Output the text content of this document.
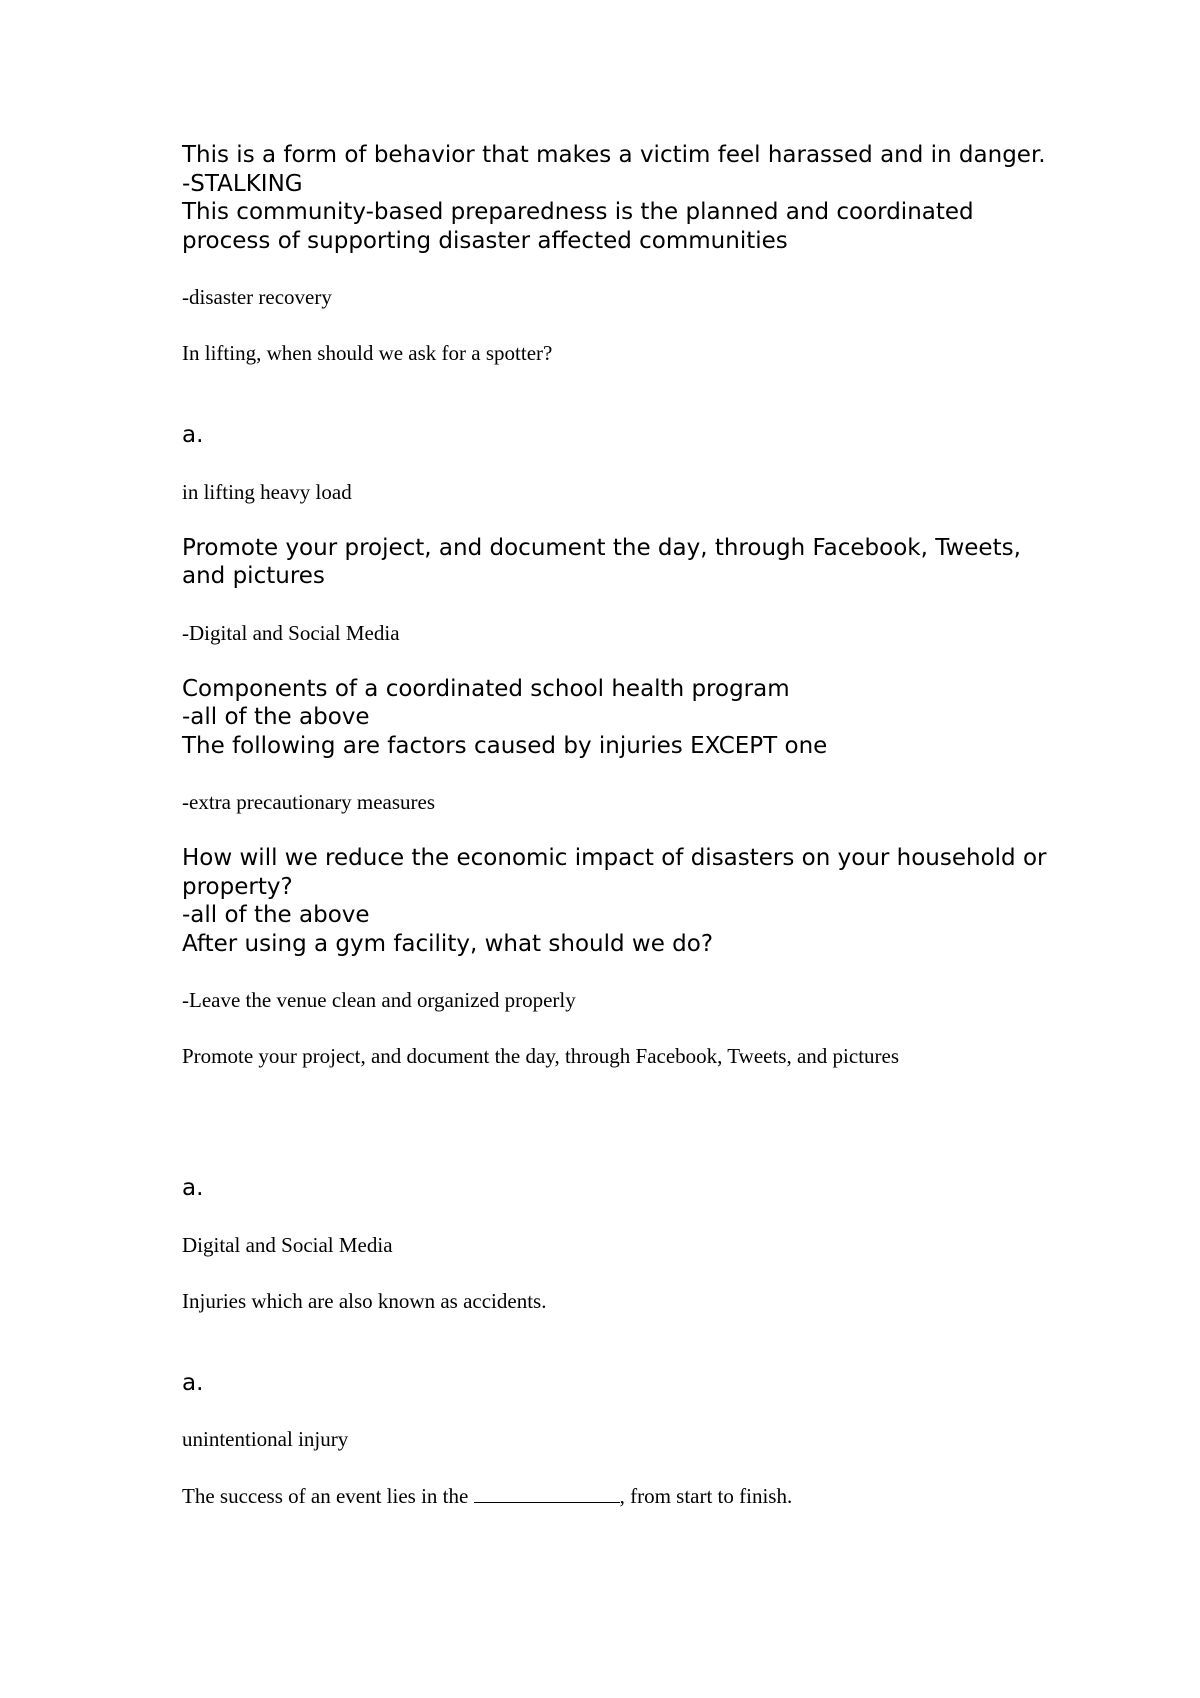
This is a form of behavior that makes a victim feel harassed and in danger.

-STALKING

This community-based preparedness is the planned and coordinated process of supporting disaster affected communities

-disaster recovery

In lifting, when should we ask for a spotter?

a.

in lifting heavy load

Promote your project, and document the day, through Facebook, Tweets, and pictures

-Digital and Social Media

Components of a coordinated school health program

-all of the above

The following are factors caused by injuries EXCEPT one

-extra precautionary measures

How will we reduce the economic impact of disasters on your household or property?

-all of the above

After using a gym facility, what should we do?

-Leave the venue clean and organized properly

Promote your project, and document the day, through Facebook, Tweets, and pictures

a.

Digital and Social Media

Injuries which are also known as accidents.

a.

unintentional injury

The success of an event lies in the	, from start to finish.
